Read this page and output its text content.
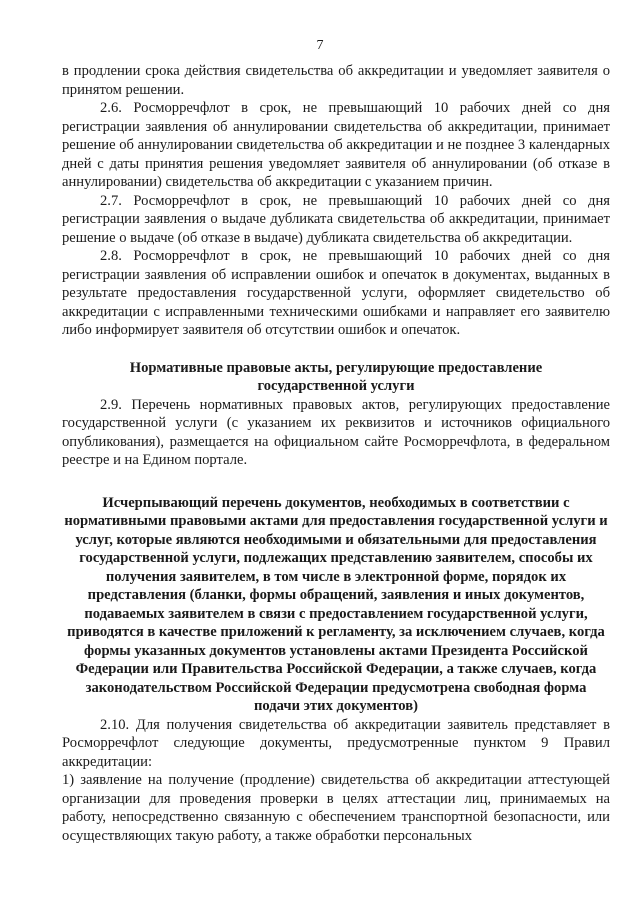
7

в продлении срока действия свидетельства об аккредитации и уведомляет заявителя о принятом решении.

2.6. Росморречфлот в срок, не превышающий 10 рабочих дней со дня регистрации заявления об аннулировании свидетельства об аккредитации, принимает решение об аннулировании свидетельства об аккредитации и не позднее 3 календарных дней с даты принятия решения уведомляет заявителя об аннулировании (об отказе в аннулировании) свидетельства об аккредитации с указанием причин.

2.7. Росморречфлот в срок, не превышающий 10 рабочих дней со дня регистрации заявления о выдаче дубликата свидетельства об аккредитации, принимает решение о выдаче (об отказе в выдаче) дубликата свидетельства об аккредитации.

2.8. Росморречфлот в срок, не превышающий 10 рабочих дней со дня регистрации заявления об исправлении ошибок и опечаток в документах, выданных в результате предоставления государственной услуги, оформляет свидетельство об аккредитации с исправленными техническими ошибками и направляет его заявителю либо информирует заявителя об отсутствии ошибок и опечаток.

Нормативные правовые акты, регулирующие предоставление государственной услуги

2.9. Перечень нормативных правовых актов, регулирующих предоставление государственной услуги (с указанием их реквизитов и источников официального опубликования), размещается на официальном сайте Росморречфлота, в федеральном реестре и на Едином портале.

Исчерпывающий перечень документов, необходимых в соответствии с нормативными правовыми актами для предоставления государственной услуги и услуг, которые являются необходимыми и обязательными для предоставления государственной услуги, подлежащих представлению заявителем, способы их получения заявителем, в том числе в электронной форме, порядок их представления (бланки, формы обращений, заявления и иных документов, подаваемых заявителем в связи с предоставлением государственной услуги, приводятся в качестве приложений к регламенту, за исключением случаев, когда формы указанных документов установлены актами Президента Российской Федерации или Правительства Российской Федерации, а также случаев, когда законодательством Российской Федерации предусмотрена свободная форма подачи этих документов)

2.10. Для получения свидетельства об аккредитации заявитель представляет в Росморречфлот следующие документы, предусмотренные пунктом 9 Правил аккредитации:

1) заявление на получение (продление) свидетельства об аккредитации аттестующей организации для проведения проверки в целях аттестации лиц, принимаемых на работу, непосредственно связанную с обеспечением транспортной безопасности, или осуществляющих такую работу, а также обработки персональных
